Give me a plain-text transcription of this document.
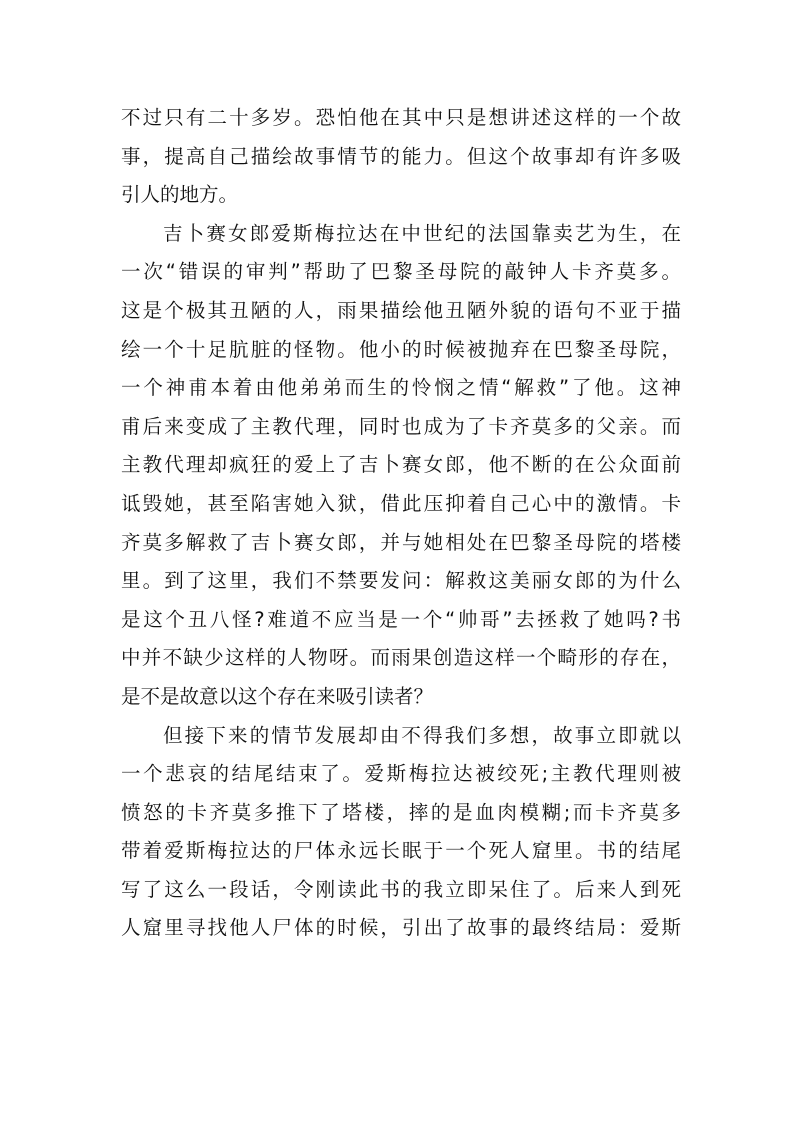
不过只有二十多岁。恐怕他在其中只是想讲述这样的一个故
事，提高自己描绘故事情节的能力。但这个故事却有许多吸
引人的地方。
吉卜赛女郎爱斯梅拉达在中世纪的法国靠卖艺为生，在
一次“错误的审判”帮助了巴黎圣母院的敲钟人卡齐莫多。
这是个极其丑陋的人，雨果描绘他丑陋外貌的语句不亚于描
绘一个十足肮脏的怪物。他小的时候被抛弃在巴黎圣母院，
一个神甫本着由他弟弟而生的怜悯之情“解救”了他。这神
甫后来变成了主教代理，同时也成为了卡齐莫多的父亲。而
主教代理却疯狂的爱上了吉卜赛女郎，他不断的在公众面前
诋毁她，甚至陷害她入狱，借此压抑着自己心中的激情。卡
齐莫多解救了吉卜赛女郎，并与她相处在巴黎圣母院的塔楼
里。到了这里，我们不禁要发问：解救这美丽女郎的为什么
是这个丑八怪?难道不应当是一个“帅哥”去拯救了她吗?书
中并不缺少这样的人物呀。而雨果创造这样一个畸形的存在，
是不是故意以这个存在来吸引读者？
但接下来的情节发展却由不得我们多想，故事立即就以
一个悲哀的结尾结束了。爱斯梅拉达被绞死;主教代理则被
愤怒的卡齐莫多推下了塔楼，摔的是血肉模糊;而卡齐莫多
带着爱斯梅拉达的尸体永远长眠于一个死人窟里。书的结尾
写了这么一段话，令刚读此书的我立即呆住了。后来人到死
人窟里寻找他人尸体的时候，引出了故事的最终结局：爱斯
